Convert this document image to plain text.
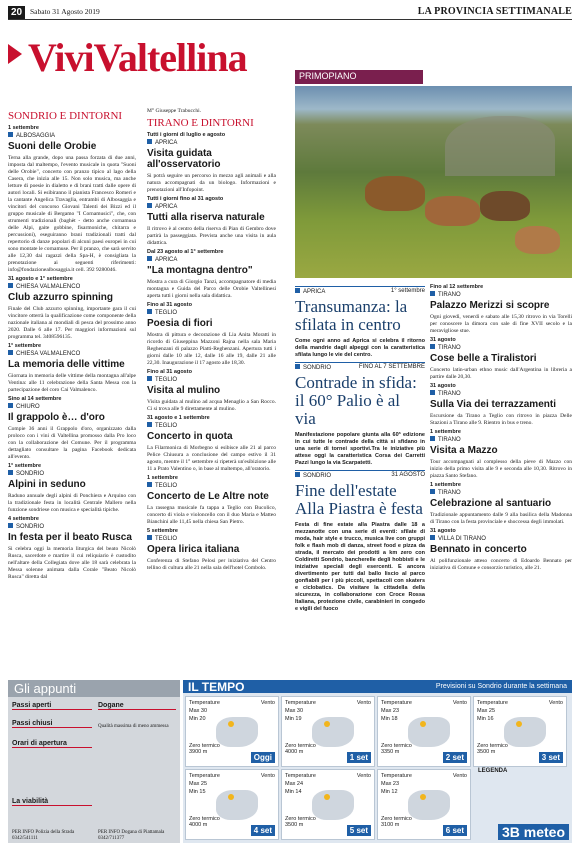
20	Sabato 31 Agosto 2019	LA PROVINCIA SETTIMANALE
ViviValtellina
SONDRIO E DINTORNI
1 settembre
ALBOSAGGIA
Suoni delle Orobie

Terna alla grande, dopo una passa forzata di due anni, imposta dal maltempo, l'evento musicale in quota "Suoni delle Orobie", concerto con pranzo tipico al lago della Casera, che inizia alle 15. Non solo musica, ma anche letture di poesie in dialetto e di brani tratti dalle opere di autori locali. Si esibiranno il pianista Francesco Romeri e la cantante Angelica Travaglia, entrambi di Albosaggia e vincitori del concorso Giovani Talenti dei Bizzi ed il gruppo musicale di Bergamo "I Cornamusici", che, con strumenti tradizionali (baghèt - detto anche cornamusa delle Alpi, gaite gobbine, fisarmoniche, chitarra e percussioni), eseguiranno brani tradizionali tratti dal repertorio di danze popolari di alcuni paesi europei in cui sono montate le cornamuse. Per il pranzo, che sarà servito alle 12,30 dai ragazzi della Spa-H, è consigliata la prenotazione ai seguenti riferimenti: info@fondazionealbosaggia.it cell. 392 9280046.

31 agosto e 1° settembre
CHIESA VALMALENCO
Club azzurro spinning

Finale del Club azzurro spinning, importante gara il cui vincitore otterrà la qualificazione come componente della nazionale italiana ai mondiali di pesca del prossimo anno 2020. Dalle 6 alle 17. Per maggiori informazioni sul programma tel. 3408596135.

1° settembre
CHIESA VALMALENCO
La memoria delle vittime

Giornata in memoria delle vittime della montagna all'alpe Ventina: alle 11 celebrazione della Santa Messa con la partecipazione del coro Cai Valmalenco.

Sino al 14 settembre
CHIURO
Il grappolo è… d'oro

Compie 36 anni il Grappolo d'oro, organizzato dalla proloco con i vini di Valtellina promosso dalla Pro loco con la collaborazione del Comune. Per il programma dettagliato consultare la pagina Facebook dedicata all'evento.

1° settembre
SONDRIO
Alpini in seduno

Raduno annuale degli alpini di Ponchiera e Arquino con la tradizionale festa in località Centrale Mallero nella funzione sondriese con musica e specialità tipiche.

4 settembre
SONDRIO
In festa per il beato Rusca

Si celebra oggi la memoria liturgica del beato Nicolò Rusca, sacerdote e martire il cui reliquiario è custodito nell'altare della Collegiata dove alle 18 sarà celebrata la Messa solenne animata dalla Corale "Beato Nicolò Rusca" diretta dal

M° Giuseppe Trabucchi.

TIRANO E DINTORNI
Tutti i giorni di luglio e agosto
APRICA
Visita guidata all'osservatorio

Si potrà seguire un percorso in mezzo agli animali e alla natura accompagnati da un biologo. Informazioni e prenotazioni all'Infopoint.

Tutti i giorni fino al 31 agosto
APRICA
Tutti alla riserva naturale

Il ritrovo è al centro della riserva di Pian di Gembro dove partirà la passeggiata. Prevista anche una visita in aula didattica.

Dal 23 agosto al 1° settembre
APRICA
"La montagna dentro"

Mostra a cura di Giorgio Tanzi, accompagnatore di media montagna e Guida del Parco delle Orobie Valtellinesi aperta tutti i giorni nella sala didattica.

Fino al 31 agosto
TEGLIO
Poesia di fiori

Mostra di pittura e decorazione di Lia Anita Moratti in ricordo di Giuseppina Mazzoni Rajna nella sala Maria Reghenzani di palazzo Piatti-Reghenzani. Apertura tutti i giorni dalle 10 alle 12, dalle 16 alle 19, dalle 21 alle 22,30. Inaugurazione il 17 agosto alle 18,30.

Fino al 31 agosto
TEGLIO
Visita al mulino

Visita guidata al mulino ad acqua Menaglio a San Rocco. Ci si trova alle 9 direttamente al mulino.

31 agosto e 1 settembre
TEGLIO
Concerto in quota

La Filarmonica di Morbegno si esibisce alle 21 al parco Pelice Chiusura a conclusione del campo estivo il 31 agosto, mentre il 1° settembre si ripeterà un'esibizione alle 11 a Prato Valentino o, in base al maltempo, all'oratorio.

1 settembre
TEGLIO
Concerto de Le Altre note

La rassegna musicale fa tappa a Teglio con Bucolico, concerto di viola e violoncello con il duo Maria e Matteo Bianchini alle 11,45 nella chiesa San Pietro.

5 settembre
TEGLIO
Opera lirica italiana

Conferenza di Stefano Pelosi per iniziativa del Centro tellino di cultura alle 21 nella sala dell'hotel Combolo.

PRIMOPIANO
APRICA	1° settembre
Transumanza: la sfilata in centro
Come ogni anno ad Aprica si celebra il ritorno della mandrie dagli alpeggi con la caratteristica sfilata lungo le vie del centro.
SONDRIO	FINO AL 7 SETTEMBRE
Contrade in sfida: il 60° Palio è al via
Manifestazione popolare giunta alla 60ª edizione in cui tutte le contrade della città si sfidano in una serie di tornei sportivi.Tra le iniziative più attese oggi la caratteristica Corsa dei Carretti Pazzi lungo la via Scarpatetti.
SONDRIO	31 AGOSTO
Fine dell'estate Alla Piastra è festa
Festa di fine estate alla Piastra dalle 18 a mezzanotte con una serie di eventi: sfilate di moda, hair style e trucco, musica live con gruppi folk e flash mob di danza, street food e pizza da strada, il mercato dei prodotti a km zero con Coldiretti Sondrio, bancherelle degli hobbisti e le iniziative speciali degli esercenti. E ancora divertimento per tutti dal ballo liscio al parco gonfiabili per i più piccoli, spettacoli con skaters e ciclobatics. Da visitare la cittadella della sicurezza, in collaborazione con Croce Rossa Italiana, protezione civile, carabinieri in congedo e vigili del fuoco
Fino al 12 settembre
TIRANO
Palazzo Merizzi si scopre

Ogni giovedì, venerdì e sabato alle 15,30 ritrovo in via Torelli per conoscere la dimora con sale di fine XVII secolo e la meravigliose stue.

31 agosto
TIRANO
Cose belle a Tiralistori

Concerto latin-urban ethno music dall'Argentina in libreria a partire dalle 20,30.

31 agosto
TIRANO
Sulla Via dei terrazzamenti

Escursione da Tirano a Teglio con ritrovo in piazza Delle Stazioni a Tirano alle 9. Rientro in bus e treno.

1 settembre
TIRANO
Visita a Mazzo

Tour accompagnati al complesso della pieve di Mazzo con inizio della primo visita alle 9 e seconda alle 10,30. Ritrovo in piazza Santo Stefano.

1 settembre
TIRANO
Celebrazione al santuario

Tradizionale appuntamento dalle 9 alla basilica della Madonna di Tirano con la festa provinciale e shoccessa degli immolati.

31 agosto
VILLA DI TIRANO
Bennato in concerto

Al polifunzionale atteso concerto di Edoardo Bennato per iniziativa di Comune e consorzio turistico, alle 21.

Gli appunti
Passi aperti
Passi chiusi
Orari di apertura
La viabilità
PER INFO Polizia della Strada 0342/541111
Dogane
Qualità massima di meno ammessa
PER INFO Dogana di Piattamala 0342/711377
IL TEMPO	Previsioni su Sondrio durante la settimana
Temperature	Vento
Max 30
Min 20
Zero termico
3900 m
Oggi
Temperature	Vento
Max 30
Min 19
Zero termico
4000 m
1 set
Temperature	Vento
Max 23
Min 18
Zero termico
3350 m
2 set
Temperature	Vento
Max 25
Min 16
Zero termico
3500 m
3 set
Temperature	Vento
Max 25
Min 15
Zero termico
4000 m
4 set
Temperature	Vento
Max 24
Min 14
Zero termico
3500 m
5 set
Temperature	Vento
Max 23
Min 12
Zero termico
3100 m
6 set
LEGENDA
3B meteo
